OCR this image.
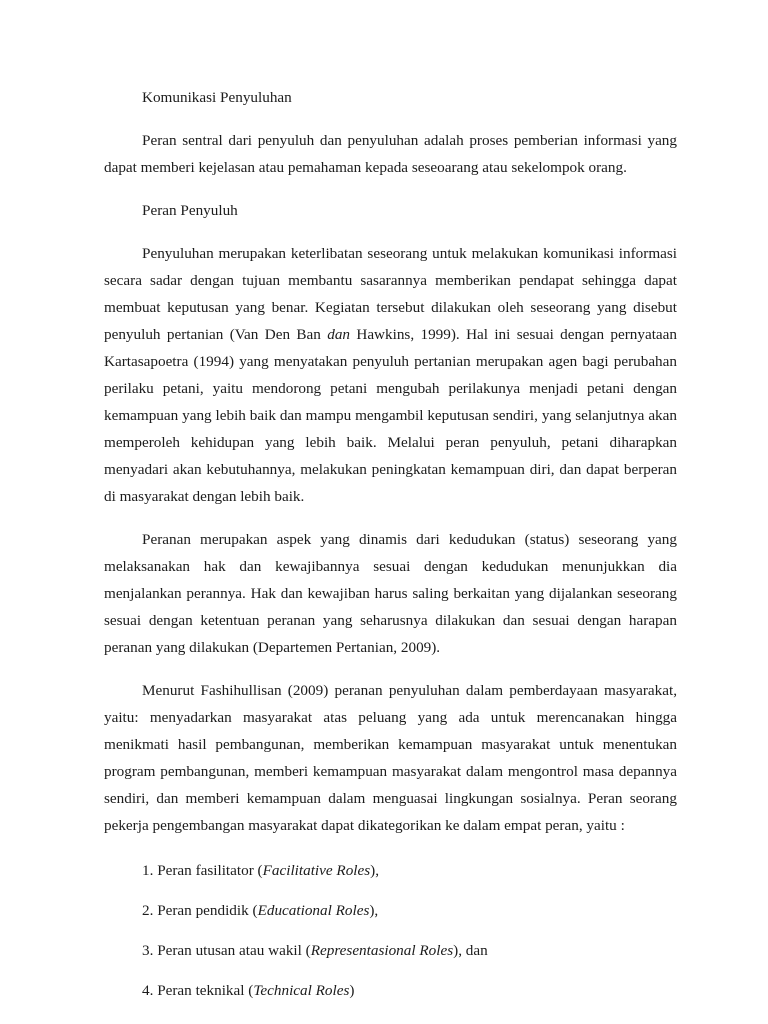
Komunikasi Penyuluhan

Peran sentral dari penyuluh dan penyuluhan adalah proses pemberian informasi yang dapat memberi kejelasan atau pemahaman kepada seseoarang atau sekelompok orang.

Peran Penyuluh

Penyuluhan merupakan keterlibatan seseorang untuk melakukan komunikasi informasi secara sadar dengan tujuan membantu sasarannya memberikan pendapat sehingga dapat membuat keputusan yang benar. Kegiatan tersebut dilakukan oleh seseorang yang disebut penyuluh pertanian (Van Den Ban dan Hawkins, 1999). Hal ini sesuai dengan pernyataan Kartasapoetra (1994) yang menyatakan penyuluh pertanian merupakan agen bagi perubahan perilaku petani, yaitu mendorong petani mengubah perilakunya menjadi petani dengan kemampuan yang lebih baik dan mampu mengambil keputusan sendiri, yang selanjutnya akan memperoleh kehidupan yang lebih baik. Melalui peran penyuluh, petani diharapkan menyadari akan kebutuhannya, melakukan peningkatan kemampuan diri, dan dapat berperan di masyarakat dengan lebih baik.

Peranan merupakan aspek yang dinamis dari kedudukan (status) seseorang yang melaksanakan hak dan kewajibannya sesuai dengan kedudukan menunjukkan dia menjalankan perannya. Hak dan kewajiban harus saling berkaitan yang dijalankan seseorang sesuai dengan ketentuan peranan yang seharusnya dilakukan dan sesuai dengan harapan peranan yang dilakukan (Departemen Pertanian, 2009).

Menurut Fashihullisan (2009) peranan penyuluhan dalam pemberdayaan masyarakat, yaitu: menyadarkan masyarakat atas peluang yang ada untuk merencanakan hingga menikmati hasil pembangunan, memberikan kemampuan masyarakat untuk menentukan program pembangunan, memberi kemampuan masyarakat dalam mengontrol masa depannya sendiri, dan memberi kemampuan dalam menguasai lingkungan sosialnya. Peran seorang pekerja pengembangan masyarakat dapat dikategorikan ke dalam empat peran, yaitu :

1. Peran fasilitator (Facilitative Roles),

2. Peran pendidik (Educational Roles),

3. Peran utusan atau wakil (Representasional Roles), dan

4. Peran teknikal (Technical Roles)
